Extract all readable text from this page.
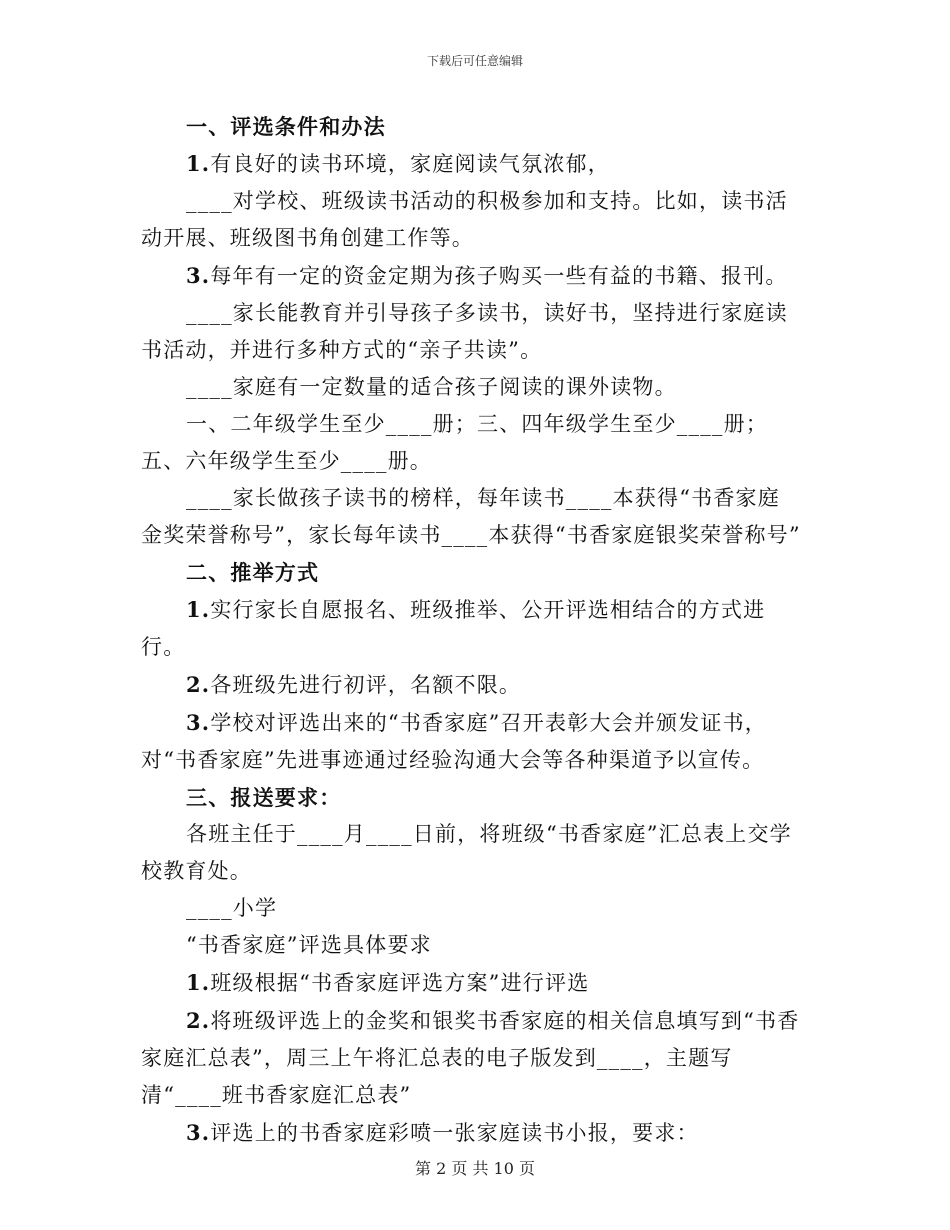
下载后可任意编辑

一、评选条件和办法

1.有良好的读书环境，家庭阅读气氛浓郁，

____对学校、班级读书活动的积极参加和支持。比如，读书活动开展、班级图书角创建工作等。

3.每年有一定的资金定期为孩子购买一些有益的书籍、报刊。

____家长能教育并引导孩子多读书，读好书，坚持进行家庭读书活动，并进行多种方式的“亲子共读”。

____家庭有一定数量的适合孩子阅读的课外读物。

一、二年级学生至少____册；三、四年级学生至少____册；五、六年级学生至少____册。

____家长做孩子读书的榜样，每年读书____本获得“书香家庭金奖荣誉称号”，家长每年读书____本获得“书香家庭银奖荣誉称号”

二、推举方式

1.实行家长自愿报名、班级推举、公开评选相结合的方式进行。

2.各班级先进行初评，名额不限。

3.学校对评选出来的“书香家庭”召开表彰大会并颁发证书，对“书香家庭”先进事迹通过经验沟通大会等各种渠道予以宣传。

三、报送要求：

各班主任于____月____日前，将班级“书香家庭”汇总表上交学校教育处。

____小学

“书香家庭”评选具体要求

1.班级根据“书香家庭评选方案”进行评选

2.将班级评选上的金奖和银奖书香家庭的相关信息填写到“书香家庭汇总表”，周三上午将汇总表的电子版发到____，主题写清“____班书香家庭汇总表”

3.评选上的书香家庭彩喷一张家庭读书小报，要求：

第 2 页 共 10 页
